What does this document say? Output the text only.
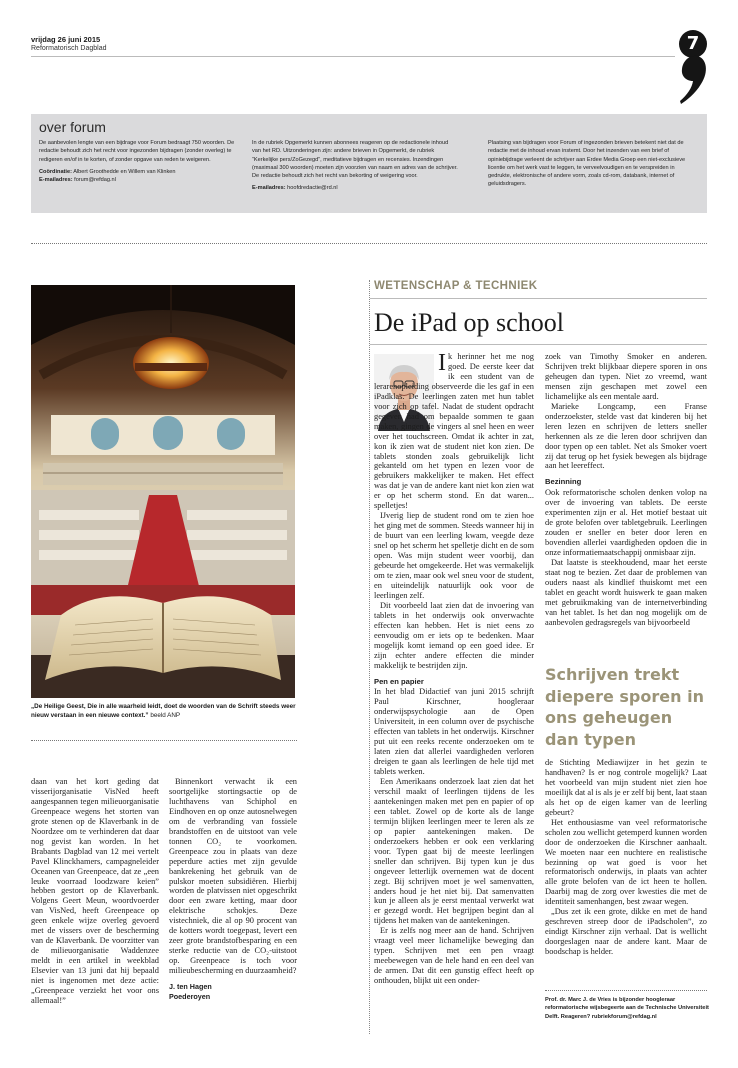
vrijdag 26 juni 2015
Reformatorisch Dagblad	7
over forum

De aanbevolen lengte van een bijdrage voor Forum bedraagt 750 woorden. De redactie behoudt zich het recht voor ingezonden bijdragen (zonder overleg) te redigeren en/of in te korten, of zonder opgave van reden te weigeren.

Coördinatie: Albert Groothedde en Willem van Klinken
E-mailadres: forum@refdag.nl

In de rubriek Opgemerkt kunnen abonnees reageren op de redactionele inhoud van het RD. Uitzonderingen zijn: andere brieven in Opgemerkt, de rubriek “Kerkelijke pers/ZoGezegd”, meditatieve bijdragen en recensies. Inzendingen (maximaal 300 woorden) moeten zijn voorzien van naam en adres van de schrijver. De redactie behoudt zich het recht van bekorting of weigering voor.

E-mailadres: hoofdredactie@rd.nl

Plaatsing van bijdragen voor Forum of ingezonden brieven betekent niet dat de redactie met de inhoud ervan instemt. Door het inzenden van een brief of opiniebijdrage verleent de schrijver aan Erdee Media Groep een niet-exclusieve licentie om het werk vast te leggen, te verveelvoudigen en te verspreiden in gedrukte, elektronische of andere vorm, zoals cd-rom, databank, internet of geluidsdragers.

„De Heilige Geest, Die in alle waarheid leidt, doet de woorden van de Schrift steeds weer nieuw verstaan in een nieuwe context.” beeld ANP

daan van het kort geding dat visserijorganisatie VisNed heeft aangespannen tegen milieuorganisatie Greenpeace wegens het storten van grote stenen op de Klaverbank in de Noordzee om te verhinderen dat daar nog gevist kan worden. In het Brabants Dagblad van 12 mei vertelt Pavel Klinckhamers, campagneleider Oceanen van Greenpeace, dat ze „een leuke voorraad loodzware keien” hebben gestort op de Klaverbank. Volgens Geert Meun, woordvoerder van VisNed, heeft Greenpeace op geen enkele wijze overleg gevoerd met de vissers over de bescherming van de Klaverbank. De voorzitter van de milieuorganisatie Waddenzee meldt in een artikel in weekblad Elsevier van 13 juni dat hij bepaald niet is ingenomen met deze actie: „Greenpeace verziekt het voor ons allemaal!”

Binnenkort verwacht ik een soortgelijke stortingsactie op de luchthavens van Schiphol en Eindhoven en op onze autosnelwegen om de verbranding van fossiele brandstoffen en de uitstoot van vele tonnen CO₂ te voorkomen. Greenpeace zou in plaats van deze peperdure acties met zijn gevulde bankrekening het gebruik van de pulskor moeten subsidiëren. Hierbij worden de platvissen niet opgeschrikt door een zware ketting, maar door elektrische schokjes. Deze vistechniek, die al op 90 procent van de kotters wordt toegepast, levert een zeer grote brandstofbesparing en een sterke reductie van de CO₂-uitstoot op. Greenpeace is toch voor milieubescherming en duurzaamheid?

J. ten Hagen
Poederoyen
WETENSCHAP & TECHNIEK
De iPad op school
I k herinner het me nog goed. De eerste keer dat ik een student van de lerarenopleiding observeerde die les gaf in een iPadklas. De leerlingen zaten met hun tablet voor zich op tafel. Nadat de student opdracht gegeven had om bepaalde sommen te gaan maken, gingen de vingers al snel heen en weer over het touchscreen. Omdat ik achter in zat, kon ik zien wat de student niet kon zien. De tablets stonden zoals gebruikelijk licht gekanteld om het typen en lezen voor de gebruikers makkelijker te maken. Het effect was dat je van de andere kant niet kon zien wat er op het scherm stond. En dat waren... spelletjes!

IJverig liep de student rond om te zien hoe het ging met de sommen. Steeds wanneer hij in de buurt van een leerling kwam, veegde deze snel op het scherm het spelletje dicht en de som open. Was mijn student weer voorbij, dan gebeurde het omgekeerde. Het was vermakelijk om te zien, maar ook wel sneu voor de student, en uiteindelijk natuurlijk ook voor de leerlingen zelf.

Dit voorbeeld laat zien dat de invoering van tablets in het onderwijs ook onverwachte effecten kan hebben. Het is niet eens zo eenvoudig om er iets op te bedenken. Maar mogelijk komt iemand op een goed idee. Er zijn echter andere effecten die minder makkelijk te bestrijden zijn.

Pen en papier

In het blad Didactief van juni 2015 schrijft Paul Kirschner, hoogleraar onderwijspsychologie aan de Open Universiteit, in een column over de psychische effecten van tablets in het onderwijs. Kirschner put uit een reeks recente onderzoeken om te laten zien dat allerlei vaardigheden verloren dreigen te gaan als leerlingen de hele tijd met tablets werken.

Een Amerikaans onderzoek laat zien dat het verschil maakt of leerlingen tijdens de les aantekeningen maken met pen en papier of op een tablet. Zowel op de korte als de lange termijn blijken leerlingen meer te leren als ze op papier aantekeningen maken. De onderzoekers hebben er ook een verklaring voor. Typen gaat bij de meeste leerlingen sneller dan schrijven. Bij typen kun je dus ongeveer letterlijk overnemen wat de docent zegt. Bij schrijven moet je wel samenvatten, anders houd je het niet bij. Dat samenvatten kun je alleen als je eerst mentaal verwerkt wat er gezegd wordt. Het begrijpen begint dan al tijdens het maken van de aantekeningen.

Er is zelfs nog meer aan de hand. Schrijven vraagt veel meer lichamelijke beweging dan typen. Schrijven met een pen vraagt meebewegen van de hele hand en een deel van de armen. Dat dit een gunstig effect heeft op onthouden, blijkt uit een onder-

zoek van Timothy Smoker en anderen. Schrijven trekt blijkbaar diepere sporen in ons geheugen dan typen. Niet zo vreemd, want mensen zijn geschapen met zowel een lichamelijke als een mentale aard.

Marieke Longcamp, een Franse onderzoekster, stelde vast dat kinderen bij het leren lezen en schrijven de letters sneller herkennen als ze die leren door schrijven dan door typen op een tablet. Net als Smoker voert zij dat terug op het fysiek bewegen als bijdrage aan het leereffect.

Bezinning

Ook reformatorische scholen denken volop na over de invoering van tablets. De eerste experimenten zijn er al. Het motief bestaat uit de grote belofen over tabletgebruik. Leerlingen zouden er sneller en beter door leren en bovendien allerlei vaardigheden opdoen die in onze informatiemaatschappij onmisbaar zijn.

Dat laatste is steekhoudend, maar het eerste staat nog te bezien. Zet daar de problemen van ouders naast als kindlief thuiskomt met een tablet en geacht wordt huiswerk te gaan maken met gebruikmaking van de internetverbinding van het tablet. Is het dan nog mogelijk om de aanbevolen gedragsregels van bijvoorbeeld

Schrijven trekt diepere sporen in ons geheugen dan typen

de Stichting Mediawijzer in het gezin te handhaven? Is er nog controle mogelijk? Laat het voorbeeld van mijn student niet zien hoe moeilijk dat al is als je er zelf bij bent, laat staan als het op de eigen kamer van de leerling gebeurt?

Het enthousiasme van veel reformatorische scholen zou wellicht getemperd kunnen worden door de onderzoeken die Kirschner aanhaalt. We moeten naar een nuchtere en realistische bezinning op wat goed is voor het reformatorisch onderwijs, in plaats van achter alle grote belofen van de ict heen te hollen. Daarbij mag de zorg over kwesties die met de identiteit samenhangen, best zwaar wegen.

„Dus zet ik een grote, dikke en met de hand geschreven streep door de iPadscholen”, zo eindigt Kirschner zijn verhaal. Dat is wellicht doorgeslagen naar de andere kant. Maar de boodschap is helder.

Prof. dr. Marc J. de Vries is bijzonder hoogleraar reformatorische wijsbegeerte aan de Technische Universiteit Delft. Reageren? rubriekforum@refdag.nl
